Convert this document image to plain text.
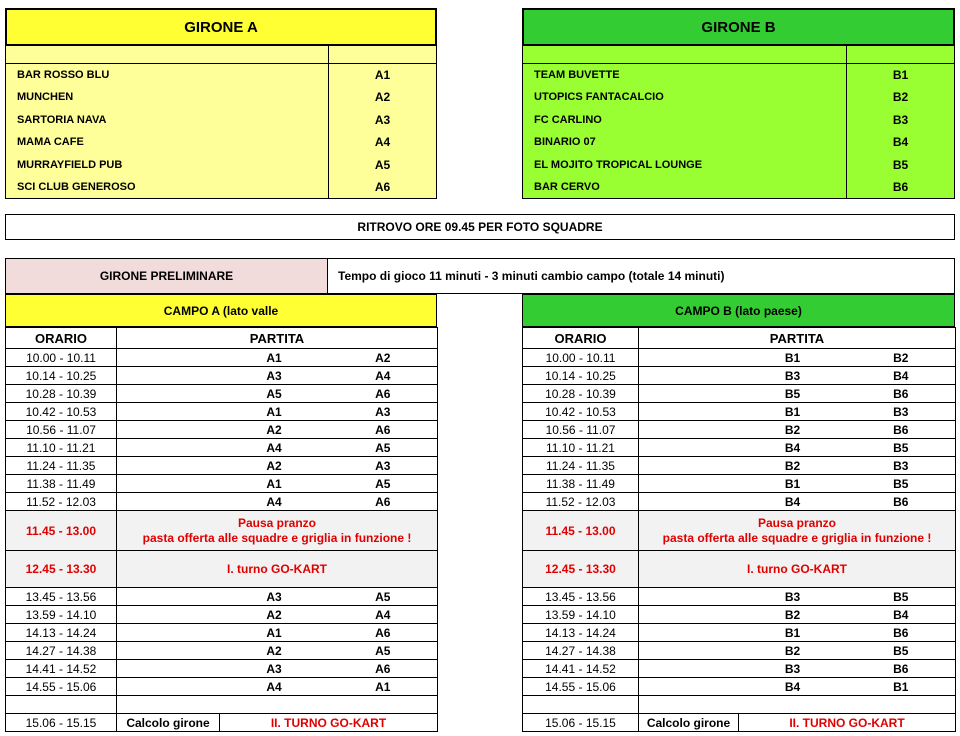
GIRONE A
BAR ROSSO BLU	A1
MUNCHEN	A2
SARTORIA NAVA	A3
MAMA CAFE	A4
MURRAYFIELD PUB	A5
SCI CLUB GENEROSO	A6
GIRONE B
TEAM BUVETTE	B1
UTOPICS FANTACALCIO	B2
FC CARLINO	B3
BINARIO 07	B4
EL MOJITO TROPICAL LOUNGE	B5
BAR CERVO	B6
RITROVO ORE 09.45 PER FOTO SQUADRE
GIRONE PRELIMINARE	Tempo di gioco 11 minuti - 3 minuti cambio campo (totale 14 minuti)
CAMPO A (lato valle	CAMPO B (lato paese)
ORARIO	PARTITA		
10.00 - 10.11		A1	A2
10.14 - 10.25		A3	A4
10.28 - 10.39		A5	A6
10.42 - 10.53		A1	A3
10.56 - 11.07		A2	A6
11.10 - 11.21		A4	A5
11.24 - 11.35		A2	A3
11.38 - 11.49		A1	A5
11.52 - 12.03		A4	A6
11.45 - 13.00	Pausa pranzo
pasta offerta alle squadre e griglia in funzione !		

12.45 - 13.30	I. turno GO-KART		
13.45 - 13.56		A3	A5
13.59 - 14.10		A2	A4
14.13 - 14.24		A1	A6
14.27 - 14.38		A2	A5
14.41 - 14.52		A3	A6
14.55 - 15.06		A4	A1

15.06 - 15.15	Calcolo girone	II. TURNO GO-KART	
ORARIO	PARTITA		
10.00 - 10.11		B1	B2
10.14 - 10.25		B3	B4
10.28 - 10.39		B5	B6
10.42 - 10.53		B1	B3
10.56 - 11.07		B2	B6
11.10 - 11.21		B4	B5
11.24 - 11.35		B2	B3
11.38 - 11.49		B1	B5
11.52 - 12.03		B4	B6
11.45 - 13.00	Pausa pranzo
pasta offerta alle squadre e griglia in funzione !		

12.45 - 13.30	I. turno GO-KART		
13.45 - 13.56		B3	B5
13.59 - 14.10		B2	B4
14.13 - 14.24		B1	B6
14.27 - 14.38		B2	B5
14.41 - 14.52		B3	B6
14.55 - 15.06		B4	B1

15.06 - 15.15	Calcolo girone	II. TURNO GO-KART	
